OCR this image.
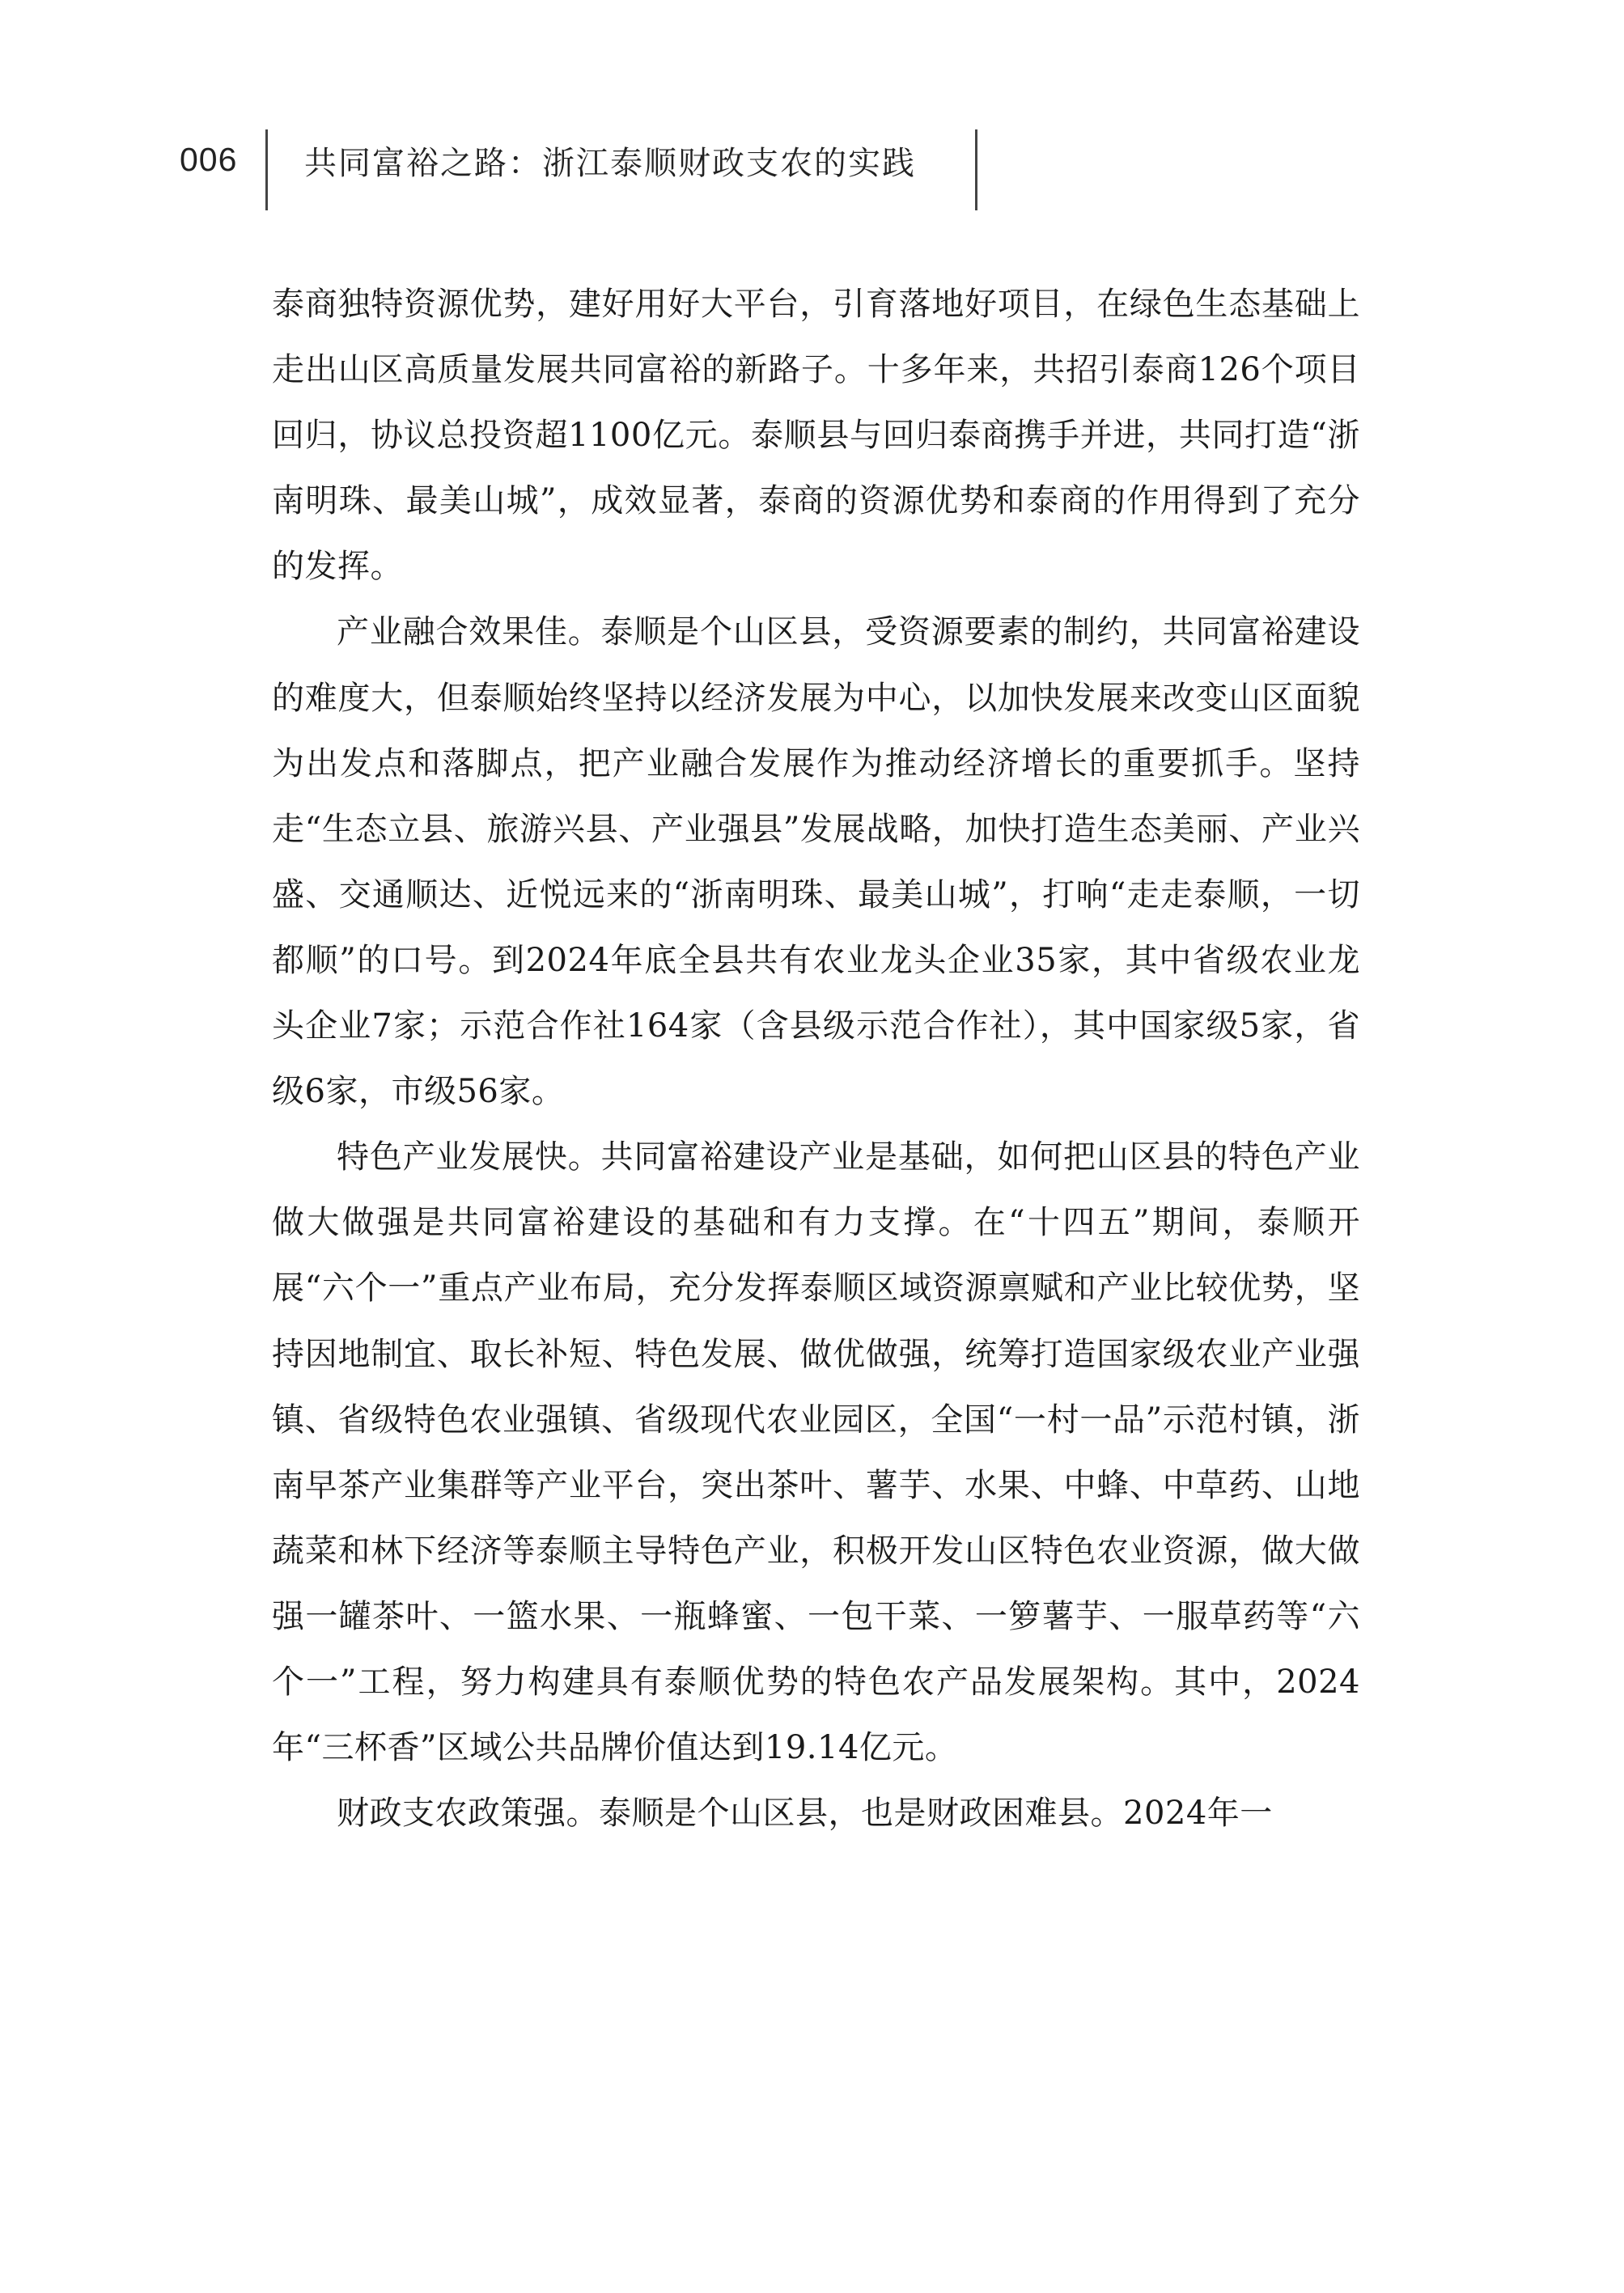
006 共同富裕之路：浙江泰顺财政支农的实践

泰商独特资源优势，建好用好大平台，引育落地好项目，在绿色生态基础上走出山区高质量发展共同富裕的新路子。十多年来，共招引泰商126个项目回归，协议总投资超1100亿元。泰顺县与回归泰商携手并进，共同打造“浙南明珠、最美山城”，成效显著，泰商的资源优势和泰商的作用得到了充分的发挥。

产业融合效果佳。泰顺是个山区县，受资源要素的制约，共同富裕建设的难度大，但泰顺始终坚持以经济发展为中心，以加快发展来改变山区面貌为出发点和落脚点，把产业融合发展作为推动经济增长的重要抓手。坚持走“生态立县、旅游兴县、产业强县”发展战略，加快打造生态美丽、产业兴盛、交通顺达、近悦远来的“浙南明珠、最美山城”，打响“走走泰顺，一切都顺”的口号。到2024年底全县共有农业龙头企业35家，其中省级农业龙头企业7家；示范合作社164家（含县级示范合作社），其中国家级5家，省级6家，市级56家。

特色产业发展快。共同富裕建设产业是基础，如何把山区县的特色产业做大做强是共同富裕建设的基础和有力支撑。在“十四五”期间，泰顺开展“六个一”重点产业布局，充分发挥泰顺区域资源禀赋和产业比较优势，坚持因地制宜、取长补短、特色发展、做优做强，统筹打造国家级农业产业强镇、省级特色农业强镇、省级现代农业园区，全国“一村一品”示范村镇，浙南早茶产业集群等产业平台，突出茶叶、薯芋、水果、中蜂、中草药、山地蔬菜和林下经济等泰顺主导特色产业，积极开发山区特色农业资源，做大做强一罐茶叶、一篮水果、一瓶蜂蜜、一包干菜、一箩薯芋、一服草药等“六个一”工程，努力构建具有泰顺优势的特色农产品发展架构。其中，2024年“三杯香”区域公共品牌价值达到19.14亿元。

财政支农政策强。泰顺是个山区县，也是财政困难县。2024年一
